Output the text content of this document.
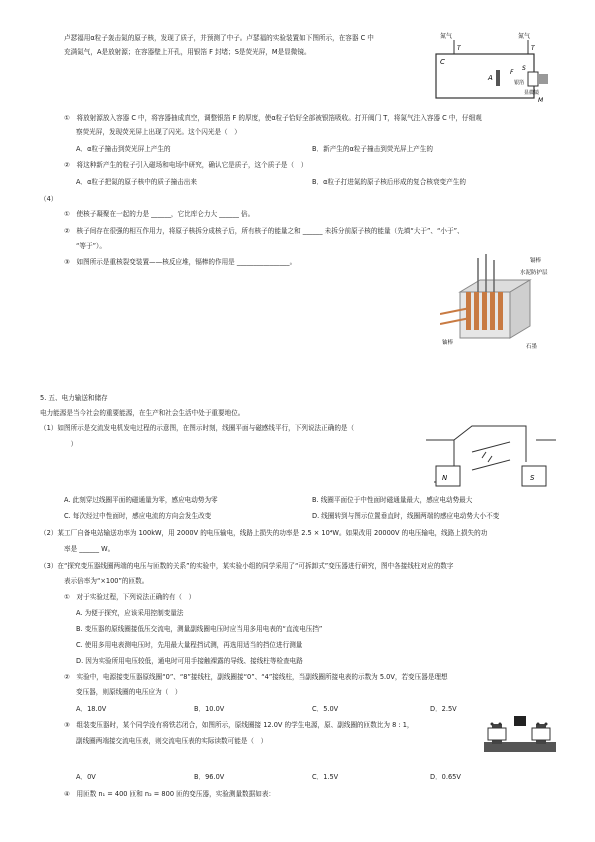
卢瑟福用α粒子轰击氮的原子核，发现了质子，并预测了中子。卢瑟福的实验装置如下图所示，在容器 C 中
充满氮气，A是放射源；在容器壁上开孔，用银箔 F 封堵；S是荧光屏，M是显微镜。
氮气	氮气
T	T
C
A
F
银箔
S
显微镜
M
①　将放射源放入容器 C 中，将容器抽成真空，调整银箔 F 的厚度，使α粒子恰好全部被银箔吸收。打开阀门 T，将氮气注入容器 C 中，仔细观
察荧光屏，发现荧光屏上出现了闪光。这个闪光是（　）
A．α粒子撞击到荧光屏上产生的	B．新产生的α粒子撞击到荧光屏上产生的
②　将这种新产生的粒子引入磁场和电场中研究，确认它是质子，这个质子是（　）
A．α粒子把氮的原子核中的质子撞击出来	B．α粒子打进氮的原子核后形成的复合核衰变产生的
（4）
①　使核子凝聚在一起的力是 ______，它比库仑力大 ______ 倍。
②　核子间存在很强的相互作用力，将原子核拆分成核子后，所有核子的能量之和 ______ 未拆分前原子核的能量（先填“大于”、“小于”、
“等于”）。
③　如图所示是重核裂变装置——核反应堆，镉棒的作用是 ________________。	镉棒
水泥防护层
铀棒
石墨
5. 五、电力输送和储存
电力能源是当今社会的重要能源，在生产和社会生活中处于重要地位。
（1）如图所示是交流发电机发电过程的示意图，在图示时刻，线圈平面与磁感线平行，下列说法正确的是（
　）
N	S
A. 此刻穿过线圈平面的磁通量为零，感应电动势为零	B. 线圈平面位于中性面时磁通量最大，感应电动势最大
C. 每次经过中性面时，感应电流的方向会发生改变	D. 线圈转到与图示位置垂直时，线圈两端的感应电动势大小不变
（2）某工厂自备电站输送功率为 100kW，用 2000V 的电压输电，线路上损失的功率是 2.5 × 10⁴W。如果改用 20000V 的电压输电，线路上损失的功
率是 ______ W。
（3）在“探究变压器线圈两端的电压与匝数的关系”的实验中，某实验小组的同学采用了“可拆卸式”变压器进行研究，图中各接线柱对应的数字
表示倍率为“×100”的匝数。
①　对于实验过程，下列说法正确的有（　）
A. 为便于探究，应该采用控制变量法
B. 变压器的原线圈接低压交流电，测量副线圈电压时应当用多用电表的“直流电压挡”
C. 使用多用电表测电压时，先用最大量程挡试测，再选用适当的挡位进行测量
D. 因为实验所用电压较低，通电时可用手接触裸露的导线、接线柱等检查电路
②　实验中，电源接变压器原线圈“0”、“8”接线柱，副线圈接“0”、“4”接线柱，当副线圈所接电表的示数为 5.0V，若变压器是理想
变压器，则原线圈的电压应为（　）
A．18.0V	B．10.0V	C．5.0V	D．2.5V
③　组装变压器时，某个同学没有将铁芯闭合，如图所示，原线圈接 12.0V 的学生电源，原、副线圈的匝数比为 8 : 1，
副线圈两端接交流电压表，则交流电压表的实际读数可能是（　）
A．0V	B．96.0V	C．1.5V	D．0.65V
④　用匝数 n₁ = 400 匝和 n₂ = 800 匝的变压器，实验测量数据如表：
